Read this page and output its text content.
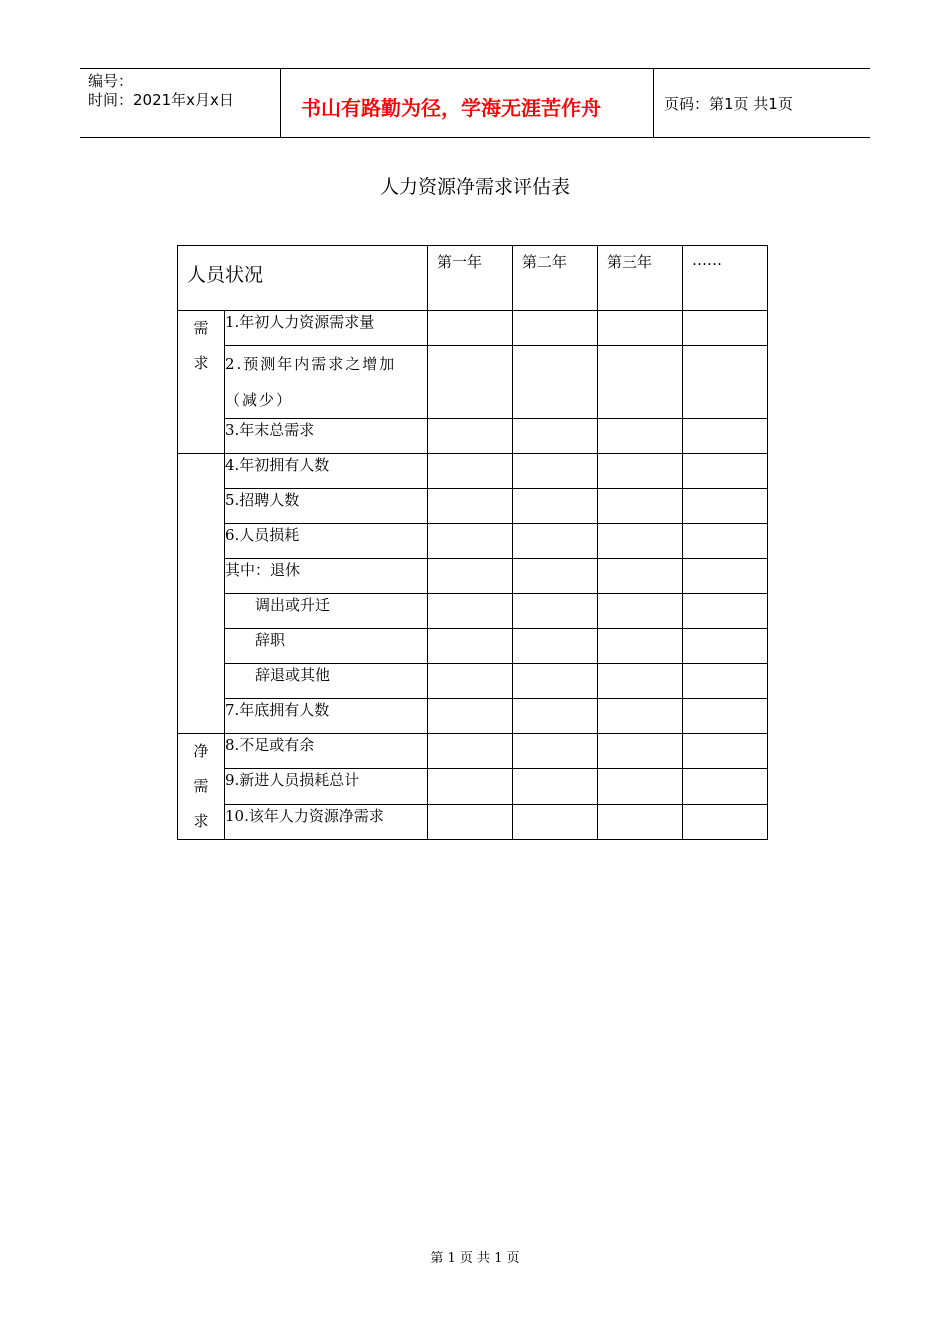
编号：
时间：2021年x月x日	书山有路勤为径，学海无涯苦作舟	页码：第1页 共1页
人力资源净需求评估表
人员状况		第一年	第二年	第三年	……

需
求	1.年初人力资源需求量				
	2.预测年内需求之增加（减少）				
	3.年末总需求				
	4.年初拥有人数				
	5.招聘人数				
	6.人员损耗				
	其中：退休				
	调出或升迁				
	辞职				
	辞退或其他				
	7.年底拥有人数				

净
需
求	8.不足或有余				
	9.新进人员损耗总计				
	10.该年人力资源净需求				
第 1 页 共 1 页
